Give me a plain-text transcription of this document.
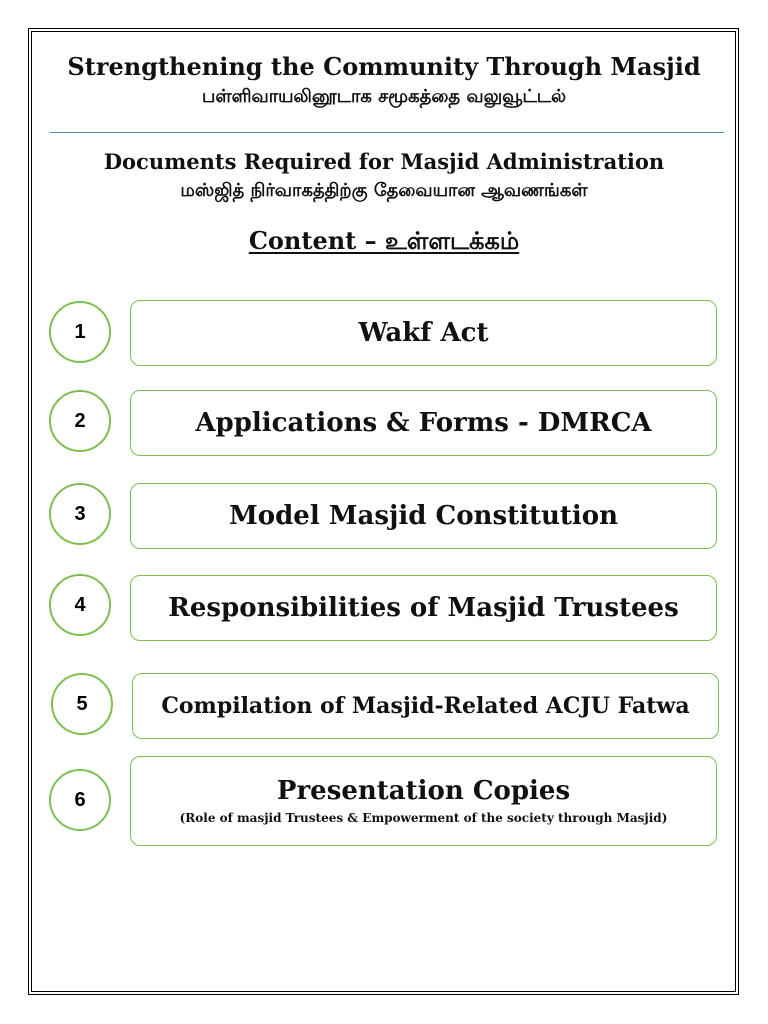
Strengthening the Community Through Masjid
பள்ளிவாயலினூடாக சமூகத்தை வலுவூட்டல்
Documents Required for Masjid Administration
மஸ்ஜித் நிர்வாகத்திற்கு தேவையான ஆவணங்கள்
Content – உள்ளடக்கம்
1	Wakf Act
2	Applications & Forms - DMRCA
3	Model Masjid Constitution
4	Responsibilities of Masjid Trustees
5	Compilation of Masjid-Related ACJU Fatwa
6	Presentation Copies
(Role of masjid Trustees & Empowerment of the society through Masjid)
